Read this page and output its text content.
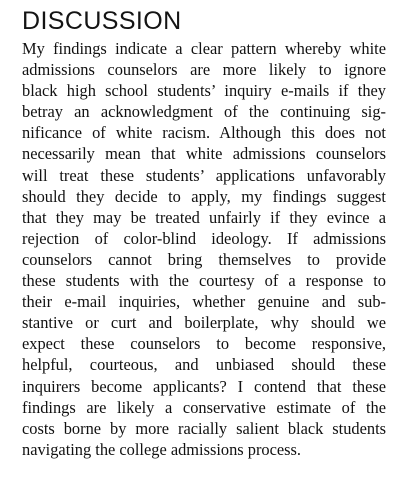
DISCUSSION
My findings indicate a clear pattern whereby white
admissions counselors are more likely to ignore
black high school students’ inquiry e-mails if they
betray an acknowledgment of the continuing sig-
nificance of white racism. Although this does not
necessarily mean that white admissions counselors
will treat these students’ applications unfavorably
should they decide to apply, my findings suggest
that they may be treated unfairly if they evince a
rejection of color-blind ideology. If admissions
counselors cannot bring themselves to provide
these students with the courtesy of a response to
their e-mail inquiries, whether genuine and sub-
stantive or curt and boilerplate, why should we
expect these counselors to become responsive,
helpful, courteous, and unbiased should these
inquirers become applicants? I contend that these
findings are likely a conservative estimate of the
costs borne by more racially salient black students
navigating the college admissions process.
